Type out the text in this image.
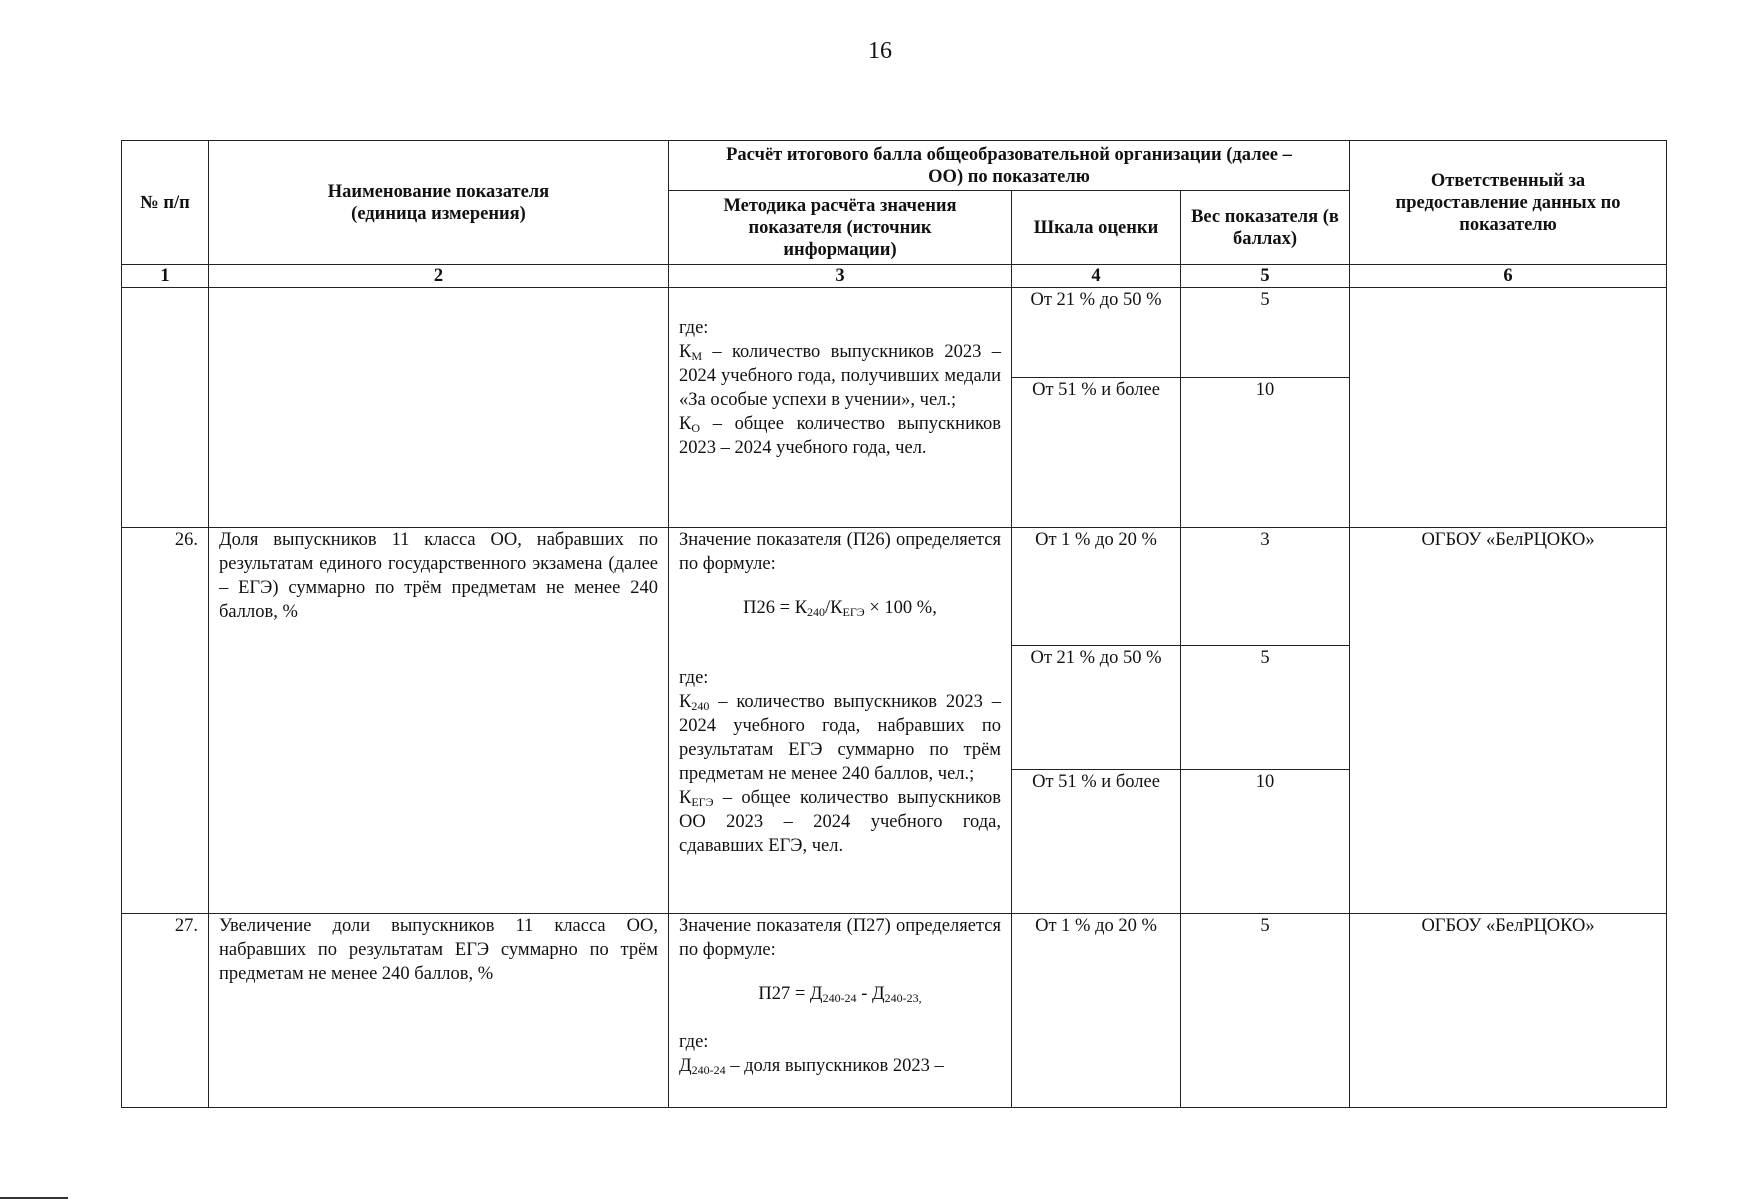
16
№ п/п	Наименование показателя (единица измерения)	Расчёт итогового балла общеобразовательной организации (далее – ОО) по показателю			Ответственный за предоставление данных по показателю
		Методика расчёта значения показателя (источник информации)	Шкала оценки	Вес показателя (в баллах)	
1	2	3	4	5	6

		где:
$К_М$ – количество выпускников 2023 – 2024 учебного года, получивших медали «За особые успехи в учении», чел.;
$К_О$ – общее количество выпускников 2023 – 2024 учебного года, чел.	От 21 % до 50 %	5	
			От 51 % и более	10	
26.	Доля выпускников 11 класса ОО, набравших по результатам единого государственного экзамена (далее – ЕГЭ) суммарно по трём предметам не менее 240 баллов, %	Значение показателя (П26) определяется по формуле:
$П26 = К_{240}/К_{ЕГЭ} \times 100$ %,
где:
$К_{240}$ – количество выпускников 2023 – 2024 учебного года, набравших по результатам ЕГЭ суммарно по трём предметам не менее 240 баллов, чел.;
$К_{ЕГЭ}$ – общее количество выпускников ОО 2023 – 2024 учебного года, сдававших ЕГЭ, чел.	От 1 % до 20 %	3	ОГБОУ «БелРЦОКО»
			От 21 % до 50 %	5	
			От 51 % и более	10	
27.	Увеличение доли выпускников 11 класса ОО, набравших по результатам ЕГЭ суммарно по трём предметам не менее 240 баллов, %	Значение показателя (П27) определяется по формуле:
$П27 = Д_{240-24} - Д_{240-23,}$
где:
$Д_{240-24}$ – доля выпускников 2023 –	От 1 % до 20 %	5	ОГБОУ «БелРЦОКО»
